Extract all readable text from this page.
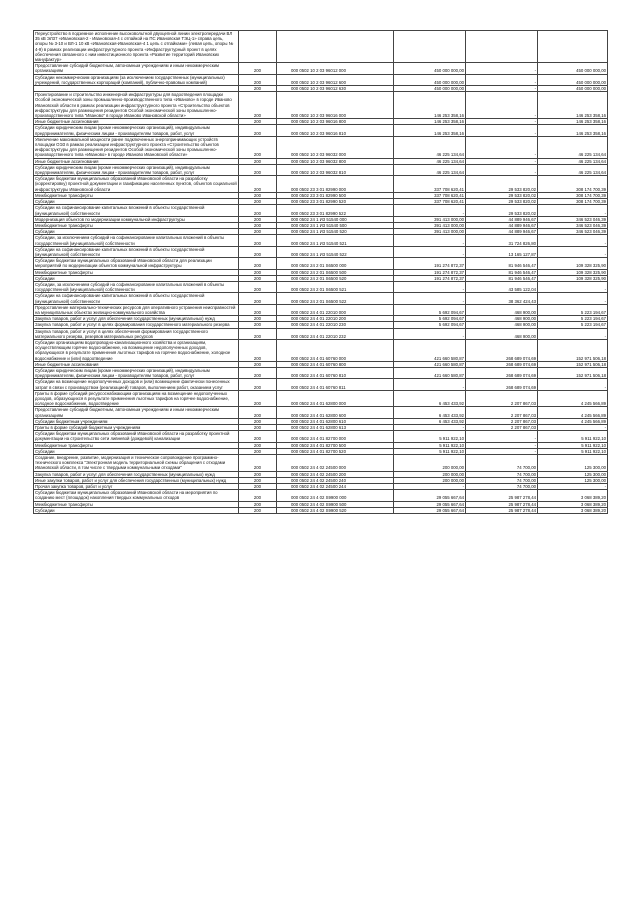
Переустройство в подземное исполнение высоковольтной двухцепной линии электропередачи ВЛ 35 кВ ЭЛ37 «Ивановская-2 - Ивановская-4 с отпайкой на ПС Ивановская ТЭЦ-1» справа цепь, опоры № 3-10 и ВЛ-1 10 кВ «Ивановская-Ивановская-4 1 цепь с отпайками» (левая цепь, опоры № 4-9) в рамках реализации инфраструктурного проекта «Инфраструктурный проект в целях обеспечения связанного с ним инвестиционного проекта «Развитие территорий Ивановских мануфактур»					
Предоставление субсидий бюджетным, автономным учреждениям и иным некоммерческим организациям	200	000 0502 10 2 03 96012 000	450 000 000,00	-	450 000 000,00
Субсидии некоммерческим организациям (за исключением государственных (муниципальных) учреждений, государственных корпораций (компаний), публично-правовых компаний)	200	000 0502 10 2 03 96012 600	450 000 000,00	-	450 000 000,00
	200	000 0502 10 2 03 96012 630	450 000 000,00	-	450 000 000,00
Проектирование и строительство инженерной инфраструктуры для водоотведения площадки Особой экономической зоны промышленно-производственного типа «Иваново» в городе Иваново Ивановской области в рамках реализации инфраструктурного проекта «Строительство объектов инфраструктуры для размещения резидентов Особой экономической зоны промышленно-производственного типа "Иваново" в городе Иваново Ивановской области»	200	000 0502 10 2 03 96016 000	146 253 358,16	-	146 253 358,16
Иные бюджетные ассигнования	200	000 0502 10 2 03 96016 800	146 253 358,16	-	146 253 358,16
Субсидии юридическим лицам (кроме некоммерческих организаций), индивидуальным предпринимателям, физическим лицам - производителям товаров, работ, услуг	200	000 0502 10 2 03 96016 810	146 253 358,16	-	146 253 358,16
Увеличение максимальной мощности ранее подключенных энергопринимающих устройств площадки ОЭЗ в рамках реализации инфраструктурного проекта «Строительство объектов инфраструктуры для размещения резидентов Особой экономической зоны промышленно-производственного типа «Иваново» в городе Иваново Ивановской области»	200	000 0502 10 2 03 96032 000	46 225 134,64	-	46 225 134,64
Иные бюджетные ассигнования	200	000 0502 10 2 03 96032 800	46 225 134,64	-	46 225 134,64
Субсидии юридическим лицам (кроме некоммерческих организаций), индивидуальным предпринимателям, физическим лицам - производителям товаров, работ, услуг	200	000 0502 10 2 03 96032 810	46 225 134,64	-	46 225 134,64
Субсидии бюджетам муниципальных образований Ивановской области на разработку (корректировку) проектной документации и газификацию населенных пунктов, объектов социальной инфраструктуры Ивановской области	200	000 0502 23 3 01 82990 000	337 708 620,41	29 533 820,02	308 174 700,39
Межбюджетные трансферты	200	000 0502 23 3 01 82990 500	337 708 620,41	29 533 820,02	308 174 700,39
Субсидии	200	000 0502 23 3 01 82990 520	337 708 620,41	29 533 820,02	308 174 700,39
Субсидии на софинансирование капитальных вложений в объекты государственной (муниципальной) собственности	200	000 0502 23 3 01 82990 522	-	29 533 820,02	-
Модернизация объектов по модернизации коммунальной инфраструктуры	200	000 0502 24 1 И3 51540 000	391 413 000,00	44 889 946,67	346 523 046,39
Межбюджетные трансферты	200	000 0502 24 1 И3 51540 500	391 413 000,00	44 889 946,67	346 523 046,39
Субсидии	200	000 0502 24 1 И3 51540 520	391 413 000,00	44 889 946,67	346 523 046,39
Субсидии, за исключением субсидий на софинансирование капитальных вложений в объекты государственной (муниципальной) собственности	200	000 0502 24 1 И3 51540 521	-	31 724 826,80	-
Субсидии на софинансирование капитальных вложений в объекты государственной (муниципальной) собственности	200	000 0502 24 1 И3 51540 522	-	13 165 127,87	-
Субсидии бюджетам муниципальных образований Ивановской области для реализации мероприятий по модернизации объектов коммунальной инфраструктуры	200	000 0502 24 2 01 S6500 000	191 274 872,37	81 946 546,47	109 328 325,90
Межбюджетные трансферты	200	000 0502 24 2 01 S6500 500	191 274 872,37	81 946 546,47	109 328 325,90
Субсидии	200	000 0502 24 2 01 S6500 520	191 274 872,37	81 946 546,47	109 328 325,90
Субсидии, за исключением субсидий на софинансирование капитальных вложений в объекты государственной (муниципальной) собственности	200	000 0502 24 2 01 S6500 521	-	43 585 122,04	-
Субсидии на софинансирование капитальных вложений в объекты государственной (муниципальной) собственности	200	000 0502 24 2 01 S6500 522	-	38 362 424,43	-
Предоставление материально-технических ресурсов для оперативного устранения неисправностей на муниципальных объектах жилищно-коммунального хозяйства	200	000 0502 24 4 01 22010 000	5 692 094,67	468 900,00	5 223 194,67
Закупка товаров, работ и услуг для обеспечения государственных (муниципальных) нужд	200	000 0502 24 4 01 22010 200	5 692 094,67	468 900,00	5 223 194,67
Закупка товаров, работ и услуг в целях формирования государственного материального резерва	200	000 0502 24 4 01 22010 230	5 692 094,67	468 900,00	5 223 194,67
Закупка товаров, работ и услуг в целях обеспечения формирования государственного материального резерва, резервов материальных ресурсов	200	000 0502 24 4 01 22010 232	-	468 900,00	-
Субсидии организациям водопроводно-канализационного хозяйства и организациям, осуществляющим горячее водоснабжение, на возмещение недополученных доходов, образующихся в результате применения льготных тарифов на горячее водоснабжение, холодное водоснабжение и (или) водоотведение	200	000 0502 24 4 01 60760 000	421 660 580,87	268 689 074,69	152 971 506,18
Иные бюджетные ассигнования	200	000 0502 24 4 01 60760 800	421 660 580,87	268 689 074,69	152 971 506,18
Субсидии юридическим лицам (кроме некоммерческих организаций), индивидуальным предпринимателям, физическим лицам - производителям товаров, работ, услуг	200	000 0502 24 4 01 60760 810	421 660 580,87	268 689 074,69	152 971 506,18
Субсидии на возмещение недополученных доходов и (или) возмещение фактически понесенных затрат в связи с производством (реализацией) товаров, выполнением работ, оказанием услуг	200	000 0502 24 4 01 60760 811	-	268 689 074,69	-
Гранты в форме субсидий ресурсоснабжающим организациям на возмещение недополученных доходов, образующихся в результате применения льготных тарифов на горячее водоснабжение, холодное водоснабжение, водоотведение	200	000 0502 24 4 01 62800 000	6 453 433,92	2 207 867,03	4 245 566,89
Предоставление субсидий бюджетным, автономным учреждениям и иным некоммерческим организациям	200	000 0502 24 4 01 62800 600	6 453 433,92	2 207 867,03	4 245 566,89
Субсидии бюджетным учреждениям	200	000 0502 24 4 01 62800 610	6 453 433,92	2 207 867,03	4 245 566,89
Гранты в форме субсидий бюджетным учреждениям	200	000 0502 24 4 01 62800 613	-	2 207 867,03	-
Субсидии бюджетам муниципальных образований Ивановской области на разработку проектной документации на строительство сети ливневой (дождевой) канализации	200	000 0502 24 4 01 82700 000	5 911 922,10	-	5 911 922,10
Межбюджетные трансферты	200	000 0502 24 4 01 82700 500	5 911 922,10	-	5 911 922,10
Субсидии	200	000 0502 24 4 01 82700 520	5 911 922,10	-	5 911 922,10
Создание, внедрение, развитие, модернизация и техническое сопровождение программно-технического комплекса "Электронная модель территориальной схемы обращения с отходами Ивановской области, в том числе с твердыми коммунальными отходами"	200	000 0502 24 4 02 24500 000	200 000,00	74 700,00	125 300,00
Закупка товаров, работ и услуг для обеспечения государственных (муниципальных) нужд	200	000 0502 24 4 02 24500 200	200 000,00	74 700,00	125 300,00
Иные закупки товаров, работ и услуг для обеспечения государственных (муниципальных) нужд	200	000 0502 24 4 02 24500 240	200 000,00	74 700,00	125 300,00
Прочая закупка товаров, работ и услуг	200	000 0502 24 4 02 24500 244	-	74 700,00	-
Субсидии бюджетам муниципальных образований Ивановской области на мероприятия по созданию мест (площадок) накопления твердых коммунальных отходов	200	000 0502 24 4 02 S9900 000	29 055 667,64	25 987 278,44	3 068 389,20
Межбюджетные трансферты	200	000 0502 24 4 02 S9900 500	29 055 667,64	25 987 278,44	3 068 389,20
Субсидии	200	000 0502 24 4 02 S9900 520	29 055 667,64	25 987 278,44	3 068 389,20
